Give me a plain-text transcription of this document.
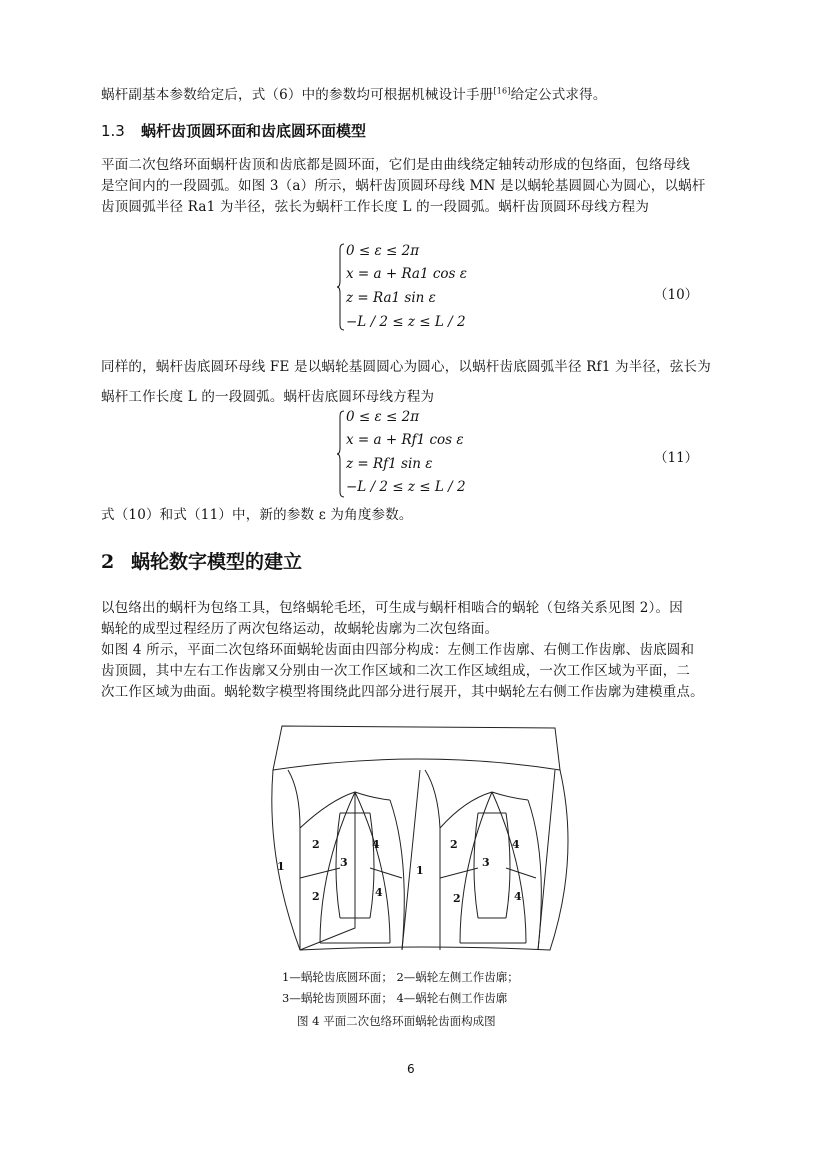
蜗杆副基本参数给定后，式（6）中的参数均可根据机械设计手册[16]给定公式求得。
1.3 蜗杆齿顶圆环面和齿底圆环面模型
平面二次包络环面蜗杆齿顶和齿底都是圆环面，它们是由曲线绕定轴转动形成的包络面，包络母线
是空间内的一段圆弧。如图 3（a）所示，蜗杆齿顶圆环母线 MN 是以蜗轮基圆圆心为圆心，以蜗杆
齿顶圆弧半径 Ra1 为半径，弦长为蜗杆工作长度 L 的一段圆弧。蜗杆齿顶圆环母线方程为
0 ≤ ε ≤ 2π
x = a + Ra1 cos ε
z = Ra1 sin ε
−L / 2 ≤ z ≤ L / 2
（10）
同样的，蜗杆齿底圆环母线 FE 是以蜗轮基圆圆心为圆心，以蜗杆齿底圆弧半径 Rf1 为半径，弦长为
蜗杆工作长度 L 的一段圆弧。蜗杆齿底圆环母线方程为
0 ≤ ε ≤ 2π
x = a + Rf1 cos ε
z = Rf1 sin ε
−L / 2 ≤ z ≤ L / 2
（11）
式（10）和式（11）中，新的参数 ε 为角度参数。
2 蜗轮数字模型的建立
以包络出的蜗杆为包络工具，包络蜗轮毛坯，可生成与蜗杆相啮合的蜗轮（包络关系见图 2）。因
蜗轮的成型过程经历了两次包络运动，故蜗轮齿廓为二次包络面。
如图 4 所示，平面二次包络环面蜗轮齿面由四部分构成：左侧工作齿廓、右侧工作齿廓、齿底圆和
齿顶圆，其中左右工作齿廓又分别由一次工作区域和二次工作区域组成，一次工作区域为平面，二
次工作区域为曲面。蜗轮数字模型将围绕此四部分进行展开，其中蜗轮左右侧工作齿廓为建模重点。
1
2
2
3
4
4
1
2
2
3
4
4
1—蜗轮齿底圆环面； 2—蜗轮左侧工作齿廓；
3—蜗轮齿顶圆环面； 4—蜗轮右侧工作齿廓
图 4 平面二次包络环面蜗轮齿面构成图
6
